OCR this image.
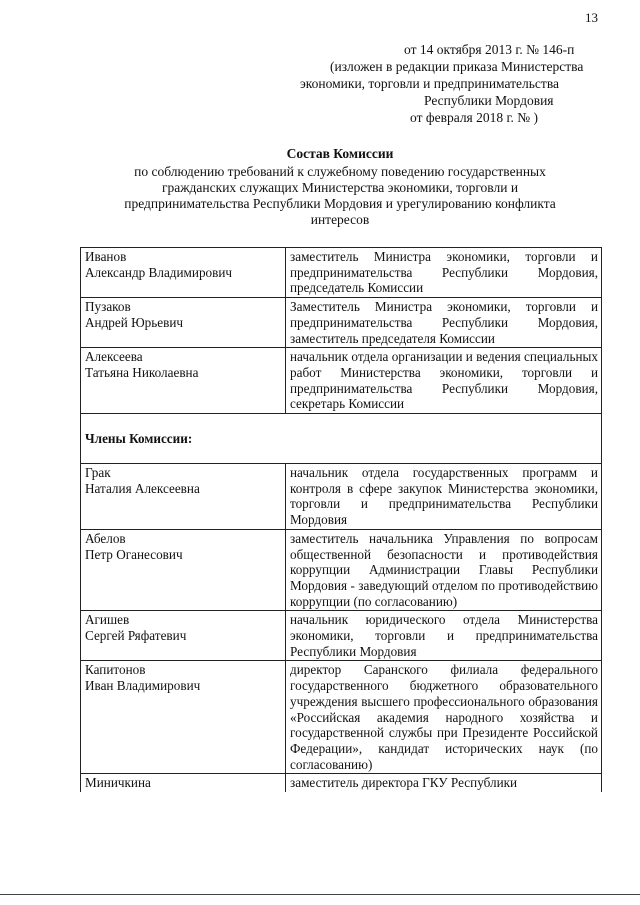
13
от 14 октября 2013 г. № 146-п
(изложен в редакции приказа Министерства
экономики, торговли и предпринимательства
Республики Мордовия
от февраля 2018 г. № )
Состав Комиссии
по соблюдению требований к служебному поведению государственных
гражданских служащих Министерства экономики, торговли и
предпринимательства Республики Мордовия и урегулированию конфликта
интересов
Иванов
Александр Владимирович	заместитель Министра экономики, торговли и предпринимательства Республики Мордовия, председатель Комиссии

Пузаков
Андрей Юрьевич	Заместитель Министра экономики, торговли и предпринимательства Республики Мордовия, заместитель председателя Комиссии

Алексеева
Татьяна Николаевна	начальник отдела организации и ведения специальных работ Министерства экономики, торговли и предпринимательства Республики Мордовия, секретарь Комиссии
Члены Комиссии:	

Грак
Наталия Алексеевна	начальник отдела государственных программ и контроля в сфере закупок Министерства экономики, торговли и предпринимательства Республики Мордовия

Абелов
Петр Оганесович	заместитель начальника Управления по вопросам общественной безопасности и противодействия коррупции Администрации Главы Республики Мордовия - заведующий отделом по противодействию коррупции (по согласованию)

Агишев
Сергей Ряфатевич	начальник юридического отдела Министерства экономики, торговли и предпринимательства Республики Мордовия

Капитонов
Иван Владимирович	директор Саранского филиала федерального государственного бюджетного образовательного учреждения высшего профессионального образования «Российская академия народного хозяйства и государственной службы при Президенте Российской Федерации», кандидат исторических наук (по согласованию)

Миничкина	заместитель директора ГКУ Республики
